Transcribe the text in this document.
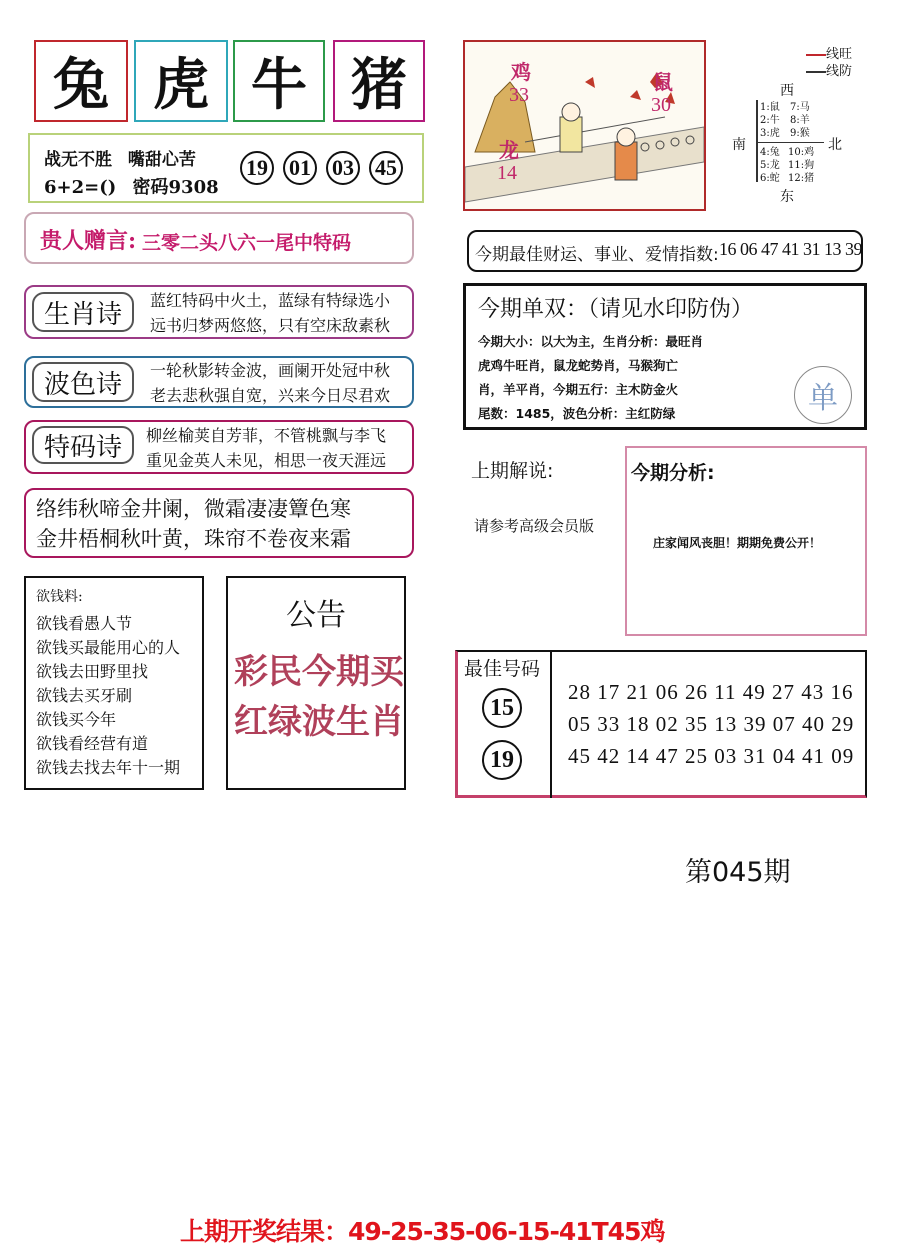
兔 虎 牛 猪
战无不胜 嘴甜心苦
6+2=() 密码9308
19 01 03 45
贵人赠言: 三零二头八六一尾中特码
生肖诗 蓝红特码中火土，蓝绿有特绿选小
远书归梦两悠悠，只有空床敌素秋
波色诗 一轮秋影转金波，画阑开处冠中秋
老去悲秋强自宽，兴来今日尽君欢
特码诗 柳丝榆荚自芳菲，不管桃飘与李飞
重见金英人未见，相思一夜天涯远
络纬秋啼金井阑，微霜凄凄簟色寒
金井梧桐秋叶黄，珠帘不卷夜来霜
欲钱料:
欲钱看愚人节
欲钱买最能用心的人
欲钱去田野里找
欲钱去买牙刷
欲钱买今年
欲钱看经营有道
欲钱去找去年十一期
公告
彩民今期买
红绿波生肖
鸡
33
鼠
30
龙
14
线旺
线防
西
南	北
东
1:鼠
2:牛
3:虎
7:马
8:羊
9:猴
4:兔
5:龙
6:蛇
10:鸡
11:狗
12:猪
今期最佳财运、事业、爱情指数: 16 06 47 41 31 13 39
今期单双：（请见水印防伪）
今期大小：以大为主，生肖分析：最旺肖
虎鸡牛旺肖，鼠龙蛇势肖，马猴狗亡
肖，羊平肖，今期五行：主木防金火
尾数：1485，波色分析：主红防绿	单
上期解说:
请参考高级会员版
今期分析:
庄家闻风丧胆！期期免费公开！
最佳号码
15
19
28 17 21 06 26 11 49 27 43 16
05 33 18 02 35 13 39 07 40 29
45 42 14 47 25 03 31 04 41 09
第045期
上期开奖结果：49-25-35-06-15-41T45鸡
